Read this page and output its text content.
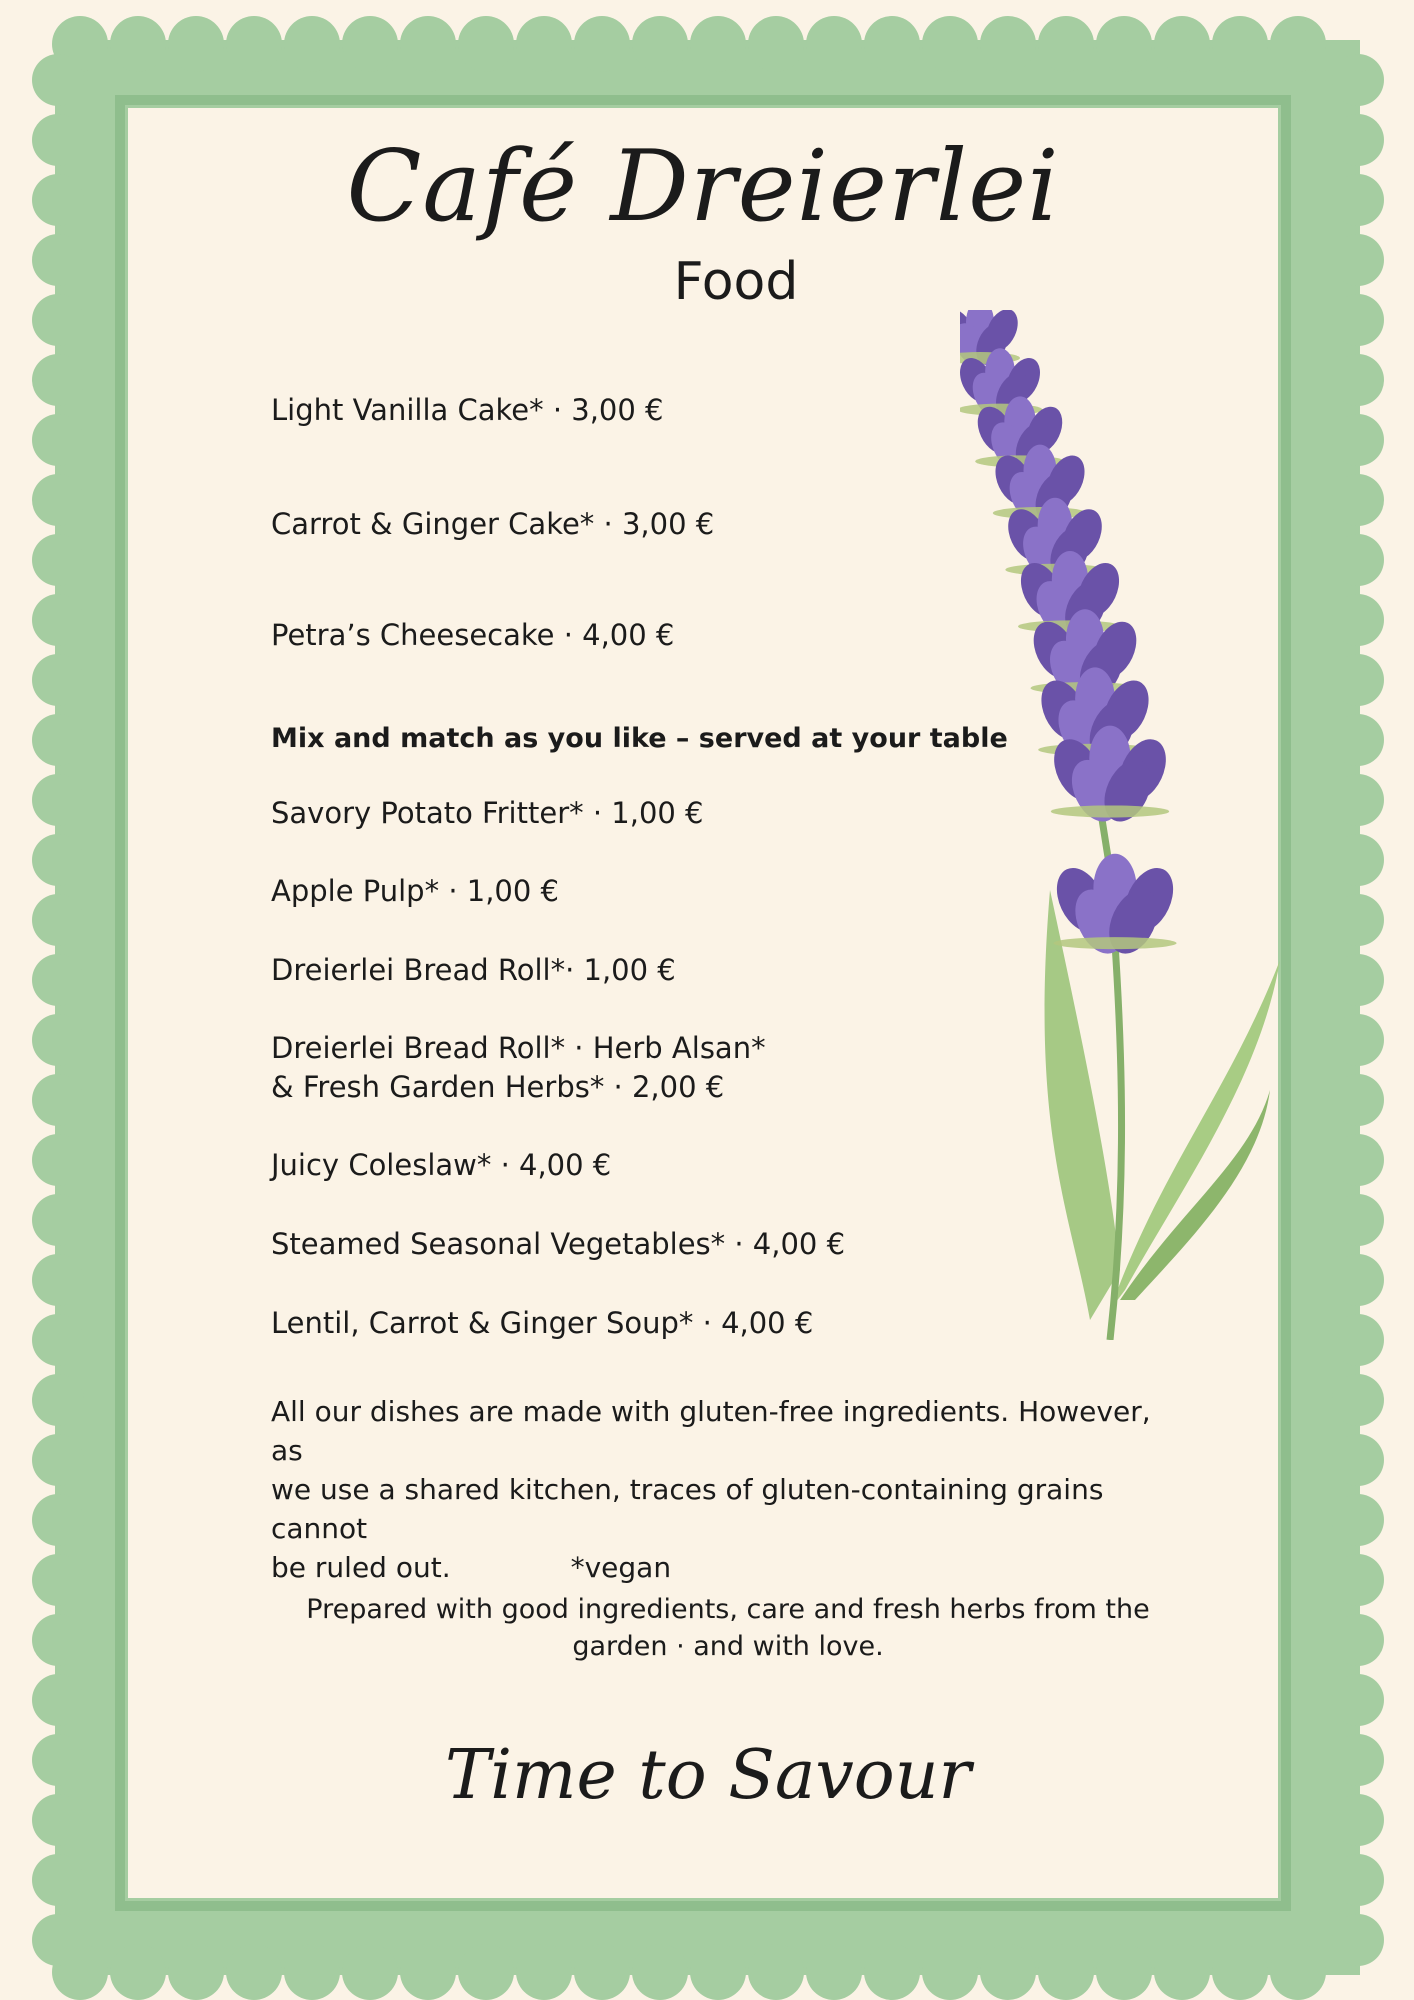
Café Dreierlei
Food
Light Vanilla Cake* · 3,00 €
Carrot & Ginger Cake* · 3,00 €
Petra’s Cheesecake · 4,00 €
Mix and match as you like – served at your table
Savory Potato Fritter* · 1,00 €
Apple Pulp* · 1,00 €
Dreierlei Bread Roll*· 1,00 €
Dreierlei Bread Roll* · Herb Alsan*
& Fresh Garden Herbs* · 2,00 €
Juicy Coleslaw* · 4,00 €
Steamed Seasonal Vegetables* · 4,00 €
Lentil, Carrot & Ginger Soup* · 4,00 €
All our dishes are made with gluten-free ingredients. However, as
we use a shared kitchen, traces of gluten-containing grains cannot
be ruled out.	*vegan
Prepared with good ingredients, care and fresh herbs from the
garden · and with love.
Time to Savour
